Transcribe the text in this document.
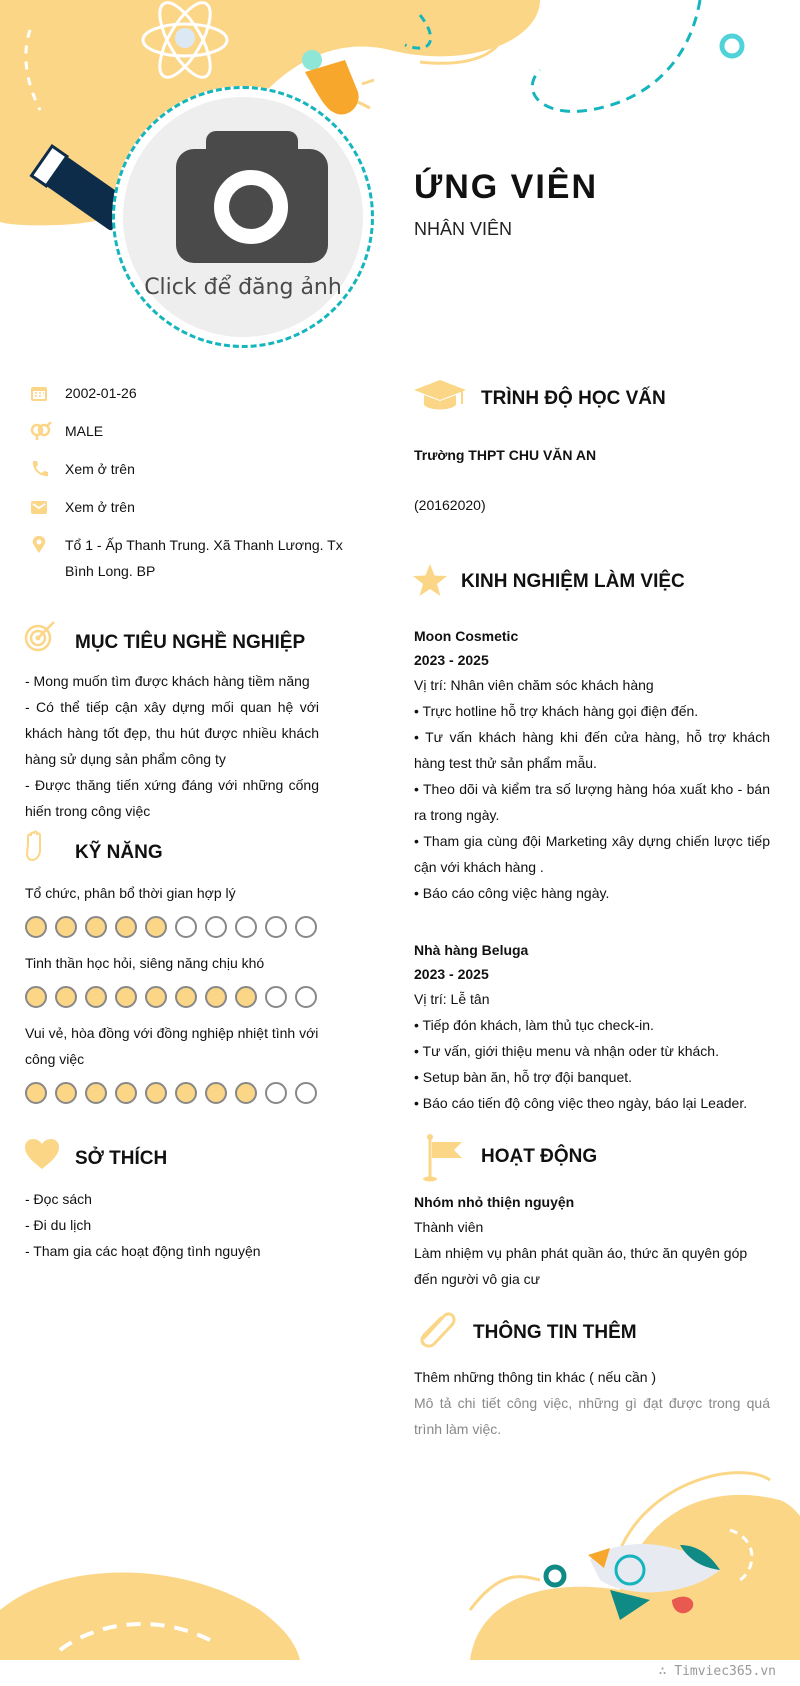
Click để đăng ảnh
ỨNG VIÊN
NHÂN VIÊN
2002-01-26
MALE
Xem ở trên
Xem ở trên
Tổ 1 - Ấp Thanh Trung. Xã Thanh Lương. Tx Bình Long. BP
MỤC TIÊU NGHỀ NGHIỆP
- Mong muốn tìm được khách hàng tiềm năng
- Có thể tiếp cận xây dựng mối quan hệ với khách hàng tốt đẹp, thu hút được nhiều khách hàng sử dụng sản phẩm công ty
- Được thăng tiến xứng đáng với những cống hiến trong công việc
KỸ NĂNG
Tổ chức, phân bổ thời gian hợp lý
Tinh thần học hỏi, siêng năng chịu khó
Vui vẻ, hòa đồng với đồng nghiệp nhiệt tình với công việc
SỞ THÍCH
- Đọc sách
- Đi du lịch
- Tham gia các hoạt động tình nguyện
TRÌNH ĐỘ HỌC VẤN
Trường THPT CHU VĂN AN
(20162020)
KINH NGHIỆM LÀM VIỆC
Moon Cosmetic
2023 - 2025
Vị trí: Nhân viên chăm sóc khách hàng
• Trực hotline hỗ trợ khách hàng gọi điện đến.
• Tư vấn khách hàng khi đến cửa hàng, hỗ trợ khách hàng test thử sản phẩm mẫu.
• Theo dõi và kiểm tra số lượng hàng hóa xuất kho - bán ra trong ngày.
• Tham gia cùng đội Marketing xây dựng chiến lược tiếp cận với khách hàng .
• Báo cáo công việc hàng ngày.
Nhà hàng Beluga
2023 - 2025
Vị trí: Lễ tân
• Tiếp đón khách, làm thủ tục check-in.
• Tư vấn, giới thiệu menu và nhận oder từ khách.
• Setup bàn ăn, hỗ trợ đội banquet.
• Báo cáo tiến độ công việc theo ngày, báo lại Leader.
HOẠT ĐỘNG
Nhóm nhỏ thiện nguyện
Thành viên
Làm nhiệm vụ phân phát quần áo, thức ăn quyên góp đến người vô gia cư
THÔNG TIN THÊM
Thêm những thông tin khác ( nếu cần )
Mô tả chi tiết công việc, những gì đạt được trong quá trình làm việc.
∴ Timviec365.vn
